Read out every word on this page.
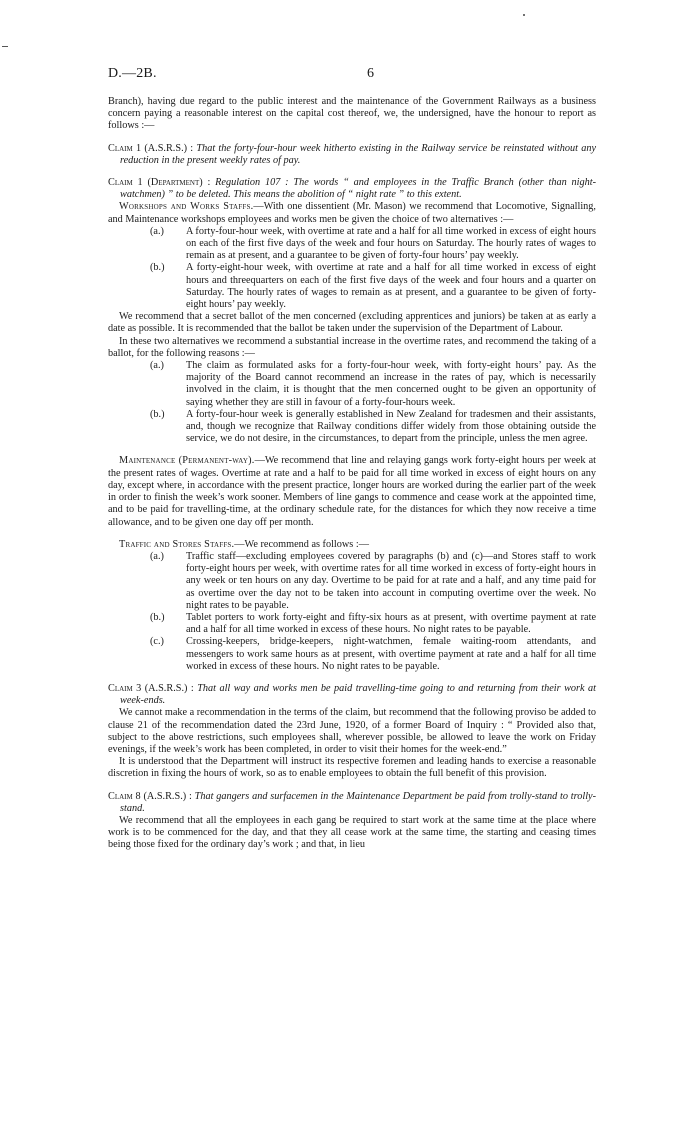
D.—2B.	6

Branch), having due regard to the public interest and the maintenance of the Government Railways as a business concern paying a reasonable interest on the capital cost thereof, we, the undersigned, have the honour to report as follows :—

Claim 1 (A.S.R.S.) : That the forty-four-hour week hitherto existing in the Railway service be reinstated without any reduction in the present weekly rates of pay.

Claim 1 (Department) : Regulation 107 : The words “ and employees in the Traffic Branch (other than night-watchmen) ” to be deleted. This means the abolition of “ night rate ” to this extent.

Workshops and Works Staffs.—With one dissentient (Mr. Mason) we recommend that Locomotive, Signalling, and Maintenance workshops employees and works men be given the choice of two alternatives :—

(a.)	A forty-four-hour week, with overtime at rate and a half for all time worked in excess of eight hours on each of the first five days of the week and four hours on Saturday. The hourly rates of wages to remain as at present, and a guarantee to be given of forty-four hours’ pay weekly.
(b.)	A forty-eight-hour week, with overtime at rate and a half for all time worked in excess of eight hours and threequarters on each of the first five days of the week and four hours and a quarter on Saturday. The hourly rates of wages to remain as at present, and a guarantee to be given of forty-eight hours’ pay weekly.

We recommend that a secret ballot of the men concerned (excluding apprentices and juniors) be taken at as early a date as possible. It is recommended that the ballot be taken under the supervision of the Department of Labour.

In these two alternatives we recommend a substantial increase in the overtime rates, and recommend the taking of a ballot, for the following reasons :—

(a.)	The claim as formulated asks for a forty-four-hour week, with forty-eight hours’ pay. As the majority of the Board cannot recommend an increase in the rates of pay, which is necessarily involved in the claim, it is thought that the men concerned ought to be given an opportunity of saying whether they are still in favour of a forty-four-hours week.
(b.)	A forty-four-hour week is generally established in New Zealand for tradesmen and their assistants, and, though we recognize that Railway conditions differ widely from those obtaining outside the service, we do not desire, in the circumstances, to depart from the principle, unless the men agree.

Maintenance (Permanent-way).—We recommend that line and relaying gangs work forty-eight hours per week at the present rates of wages. Overtime at rate and a half to be paid for all time worked in excess of eight hours on any day, except where, in accordance with the present practice, longer hours are worked during the earlier part of the week in order to finish the week’s work sooner. Members of line gangs to commence and cease work at the appointed time, and to be paid for travelling-time, at the ordinary schedule rate, for the distances for which they now receive a time allowance, and to be given one day off per month.

Traffic and Stores Staffs.—We recommend as follows :—

(a.)	Traffic staff—excluding employees covered by paragraphs (b) and (c)—and Stores staff to work forty-eight hours per week, with overtime rates for all time worked in excess of forty-eight hours in any week or ten hours on any day. Overtime to be paid for at rate and a half, and any time paid for as overtime over the day not to be taken into account in computing overtime over the week. No night rates to be payable.
(b.)	Tablet porters to work forty-eight and fifty-six hours as at present, with overtime payment at rate and a half for all time worked in excess of these hours. No night rates to be payable.
(c.)	Crossing-keepers, bridge-keepers, night-watchmen, female waiting-room attendants, and messengers to work same hours as at present, with overtime payment at rate and a half for all time worked in excess of these hours. No night rates to be payable.

Claim 3 (A.S.R.S.) : That all way and works men be paid travelling-time going to and returning from their work at week-ends.

We cannot make a recommendation in the terms of the claim, but recommend that the following proviso be added to clause 21 of the recommendation dated the 23rd June, 1920, of a former Board of Inquiry : “ Provided also that, subject to the above restrictions, such employees shall, wherever possible, be allowed to leave the work on Friday evenings, if the week’s work has been completed, in order to visit their homes for the week-end.”

It is understood that the Department will instruct its respective foremen and leading hands to exercise a reasonable discretion in fixing the hours of work, so as to enable employees to obtain the full benefit of this provision.

Claim 8 (A.S.R.S.) : That gangers and surfacemen in the Maintenance Department be paid from trolly-stand to trolly-stand.

We recommend that all the employees in each gang be required to start work at the same time at the place where work is to be commenced for the day, and that they all cease work at the same time, the starting and ceasing times being those fixed for the ordinary day’s work ; and that, in lieu
